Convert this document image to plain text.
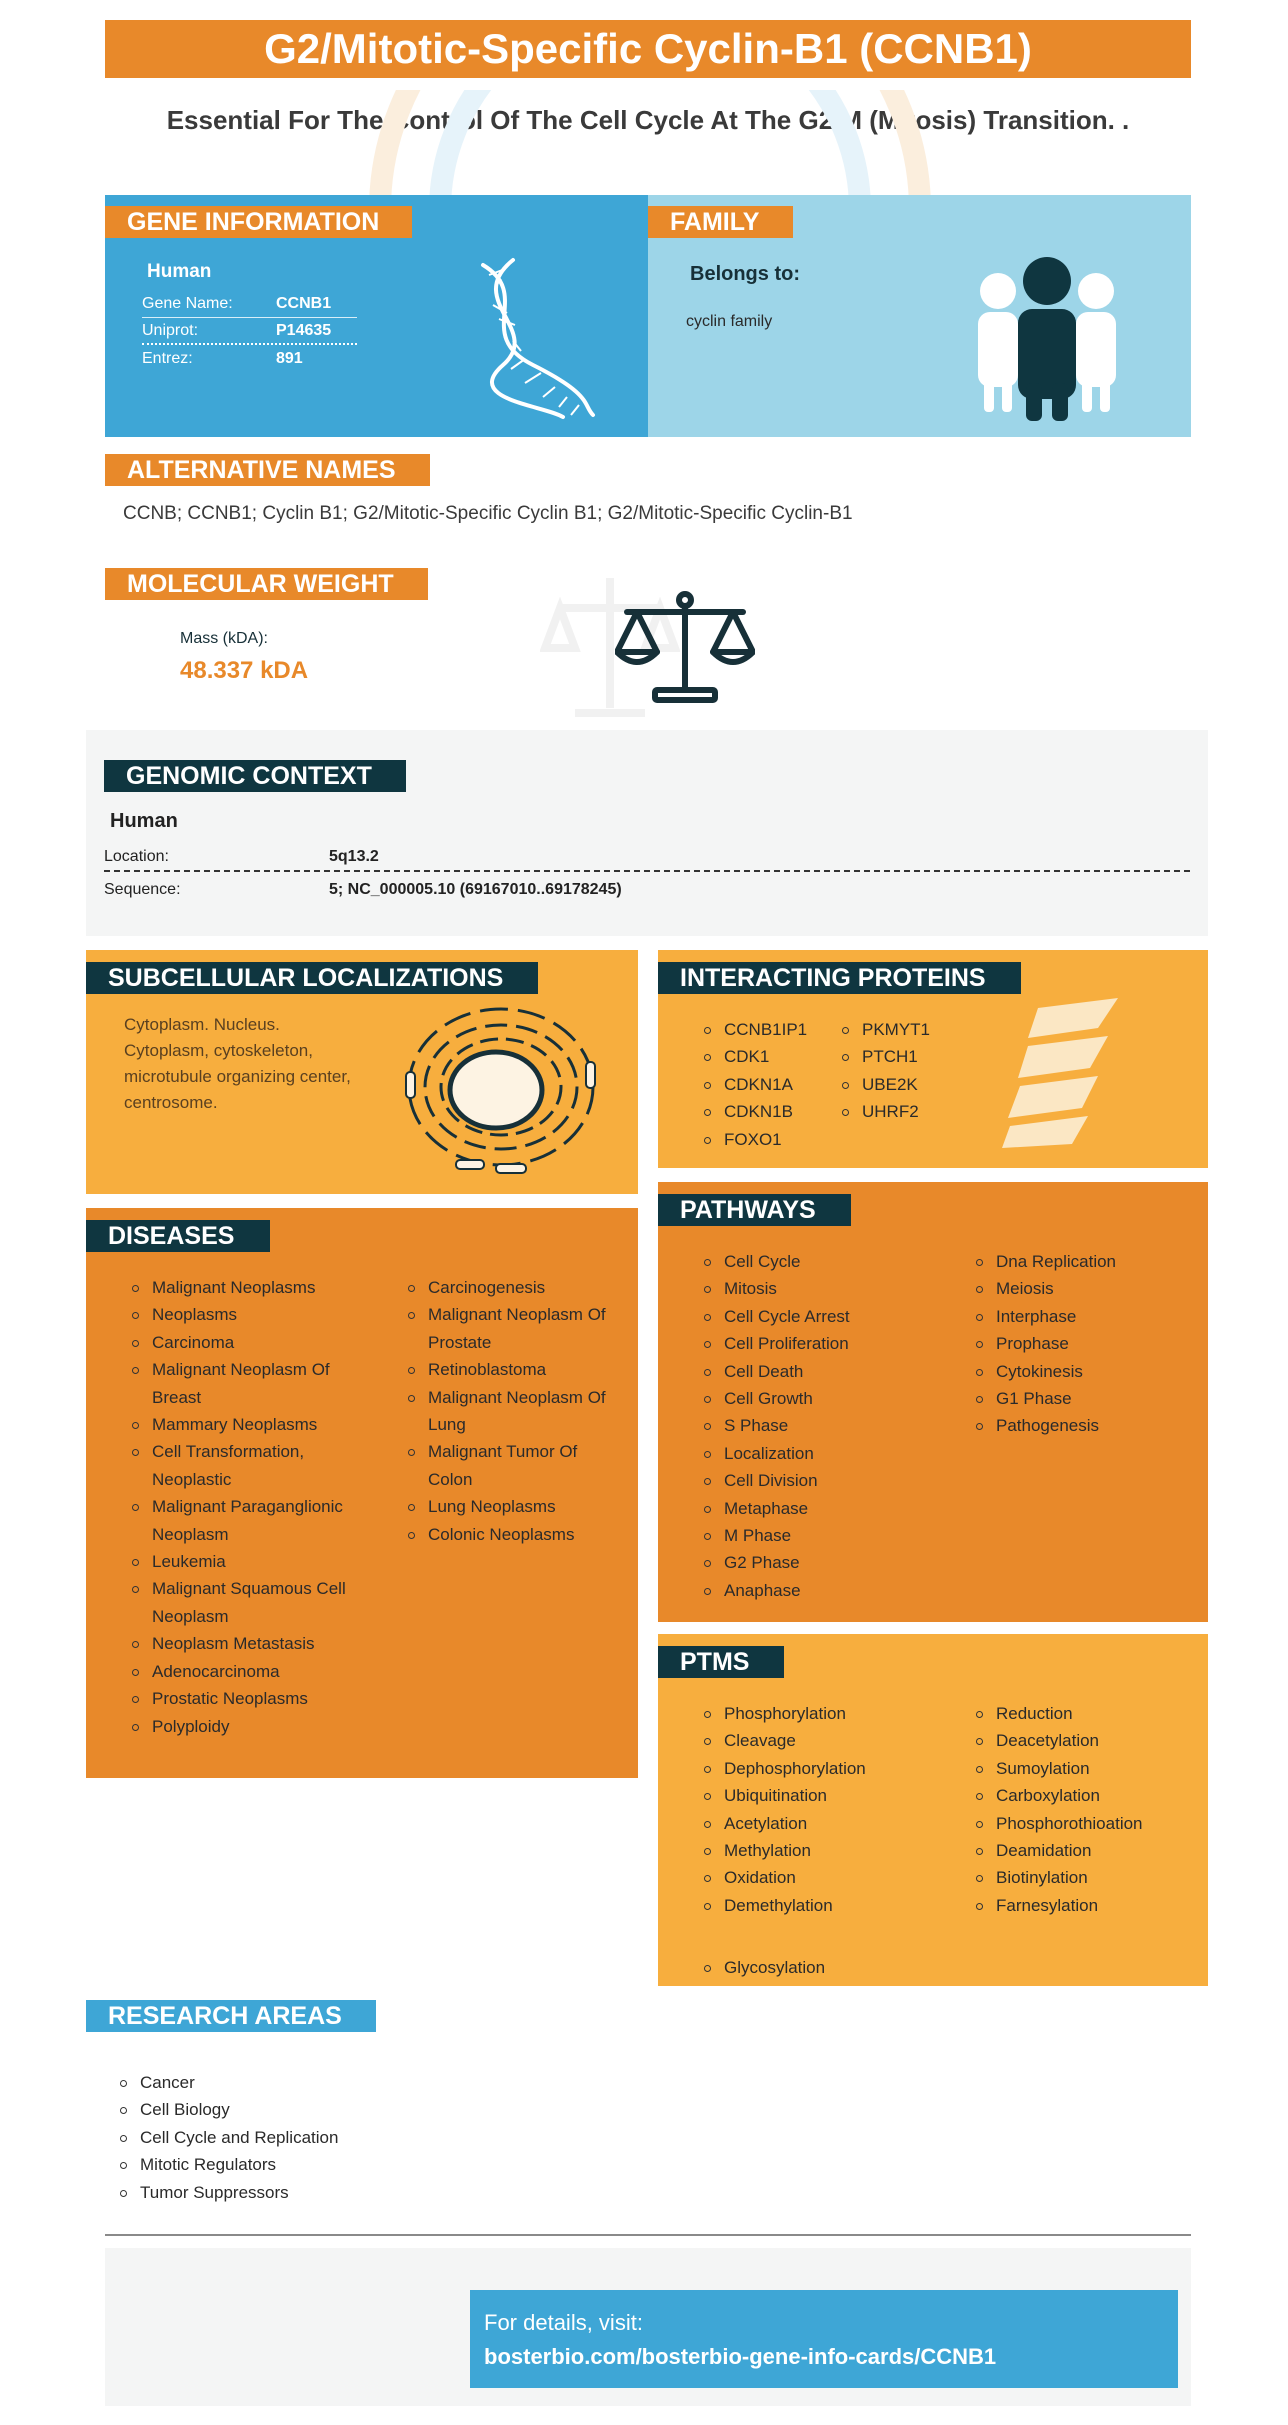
G2/Mitotic-Specific Cyclin-B1 (CCNB1)
Essential For The Control Of The Cell Cycle At The G2/M (Mitosis) Transition. .
GENE INFORMATION
Human
Gene Name:	CCNB1
Uniprot:	P14635
Entrez:	891
FAMILY
Belongs to:
cyclin family
ALTERNATIVE NAMES
CCNB; CCNB1; Cyclin B1; G2/Mitotic-Specific Cyclin B1; G2/Mitotic-Specific Cyclin-B1
MOLECULAR WEIGHT
Mass (kDA):
48.337 kDA
GENOMIC CONTEXT
Human
Location:	5q13.2
Sequence:	5; NC_000005.10 (69167010..69178245)
SUBCELLULAR LOCALIZATIONS
Cytoplasm. Nucleus. Cytoplasm, cytoskeleton, microtubule organizing center, centrosome.
INTERACTING PROTEINS
CCNB1IP1
CDK1
CDKN1A
CDKN1B
FOXO1
PKMYT1
PTCH1
UBE2K
UHRF2
PATHWAYS
Cell Cycle
Mitosis
Cell Cycle Arrest
Cell Proliferation
Cell Death
Cell Growth
S Phase
Localization
Cell Division
Metaphase
M Phase
G2 Phase
Anaphase
Dna Replication
Meiosis
Interphase
Prophase
Cytokinesis
G1 Phase
Pathogenesis
DISEASES
Malignant Neoplasms
Neoplasms
Carcinoma
Malignant Neoplasm Of Breast
Mammary Neoplasms
Cell Transformation, Neoplastic
Malignant Paraganglionic Neoplasm
Leukemia
Malignant Squamous Cell Neoplasm
Neoplasm Metastasis
Adenocarcinoma
Prostatic Neoplasms
Polyploidy
Carcinogenesis
Malignant Neoplasm Of Prostate
Retinoblastoma
Malignant Neoplasm Of Lung
Malignant Tumor Of Colon
Lung Neoplasms
Colonic Neoplasms
PTMS
Phosphorylation
Cleavage
Dephosphorylation
Ubiquitination
Acetylation
Methylation
Oxidation
Demethylation
Reduction
Deacetylation
Sumoylation
Carboxylation
Phosphorothioation
Deamidation
Biotinylation
Farnesylation
Glycosylation
RESEARCH AREAS
Cancer
Cell Biology
Cell Cycle and Replication
Mitotic Regulators
Tumor Suppressors
For details, visit:
bosterbio.com/bosterbio-gene-info-cards/CCNB1
